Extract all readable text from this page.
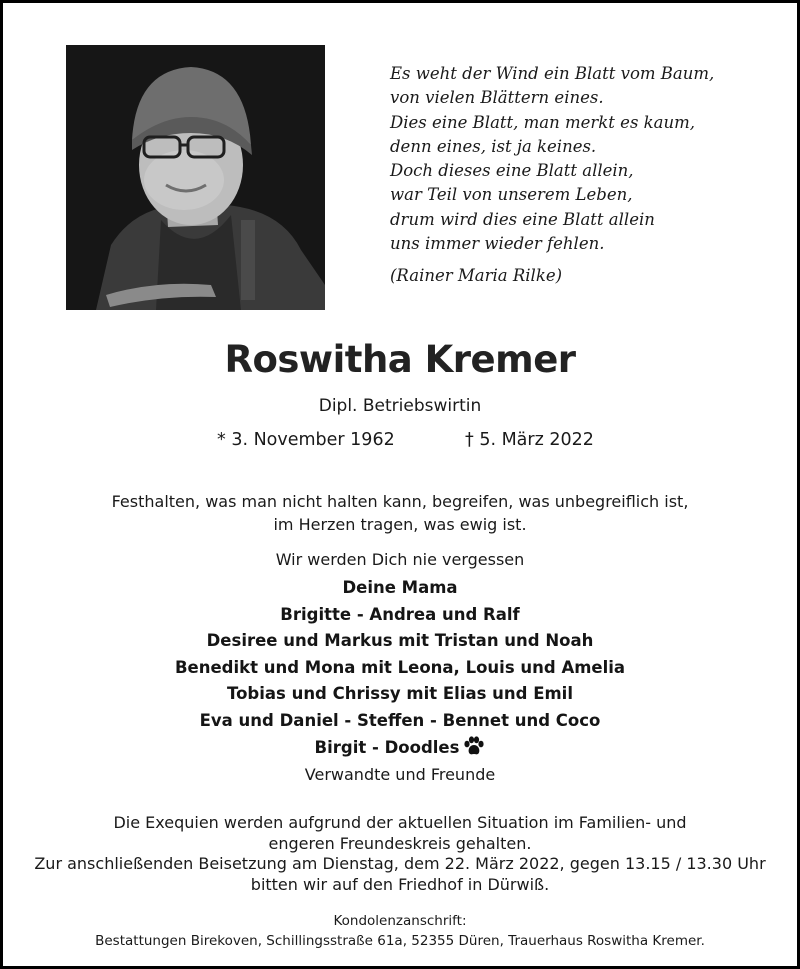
Es weht der Wind ein Blatt vom Baum,
von vielen Blättern eines.
Dies eine Blatt, man merkt es kaum,
denn eines, ist ja keines.
Doch dieses eine Blatt allein,
war Teil von unserem Leben,
drum wird dies eine Blatt allein
uns immer wieder fehlen.
(Rainer Maria Rilke)
Roswitha Kremer
Dipl. Betriebswirtin
* 3. November 1962	† 5. März 2022
Festhalten, was man nicht halten kann, begreifen, was unbegreiflich ist,
im Herzen tragen, was ewig ist.
Wir werden Dich nie vergessen
Deine Mama
Brigitte - Andrea und Ralf
Desiree und Markus mit Tristan und Noah
Benedikt und Mona mit Leona, Louis und Amelia
Tobias und Chrissy mit Elias und Emil
Eva und Daniel - Steffen - Bennet und Coco
Birgit - Doodles
Verwandte und Freunde
Die Exequien werden aufgrund der aktuellen Situation im Familien- und
engeren Freundeskreis gehalten.
Zur anschließenden Beisetzung am Dienstag, dem 22. März 2022, gegen 13.15 / 13.30 Uhr
bitten wir auf den Friedhof in Dürwiß.
Kondolenzanschrift:
Bestattungen Birekoven, Schillingsstraße 61a, 52355 Düren, Trauerhaus Roswitha Kremer.
